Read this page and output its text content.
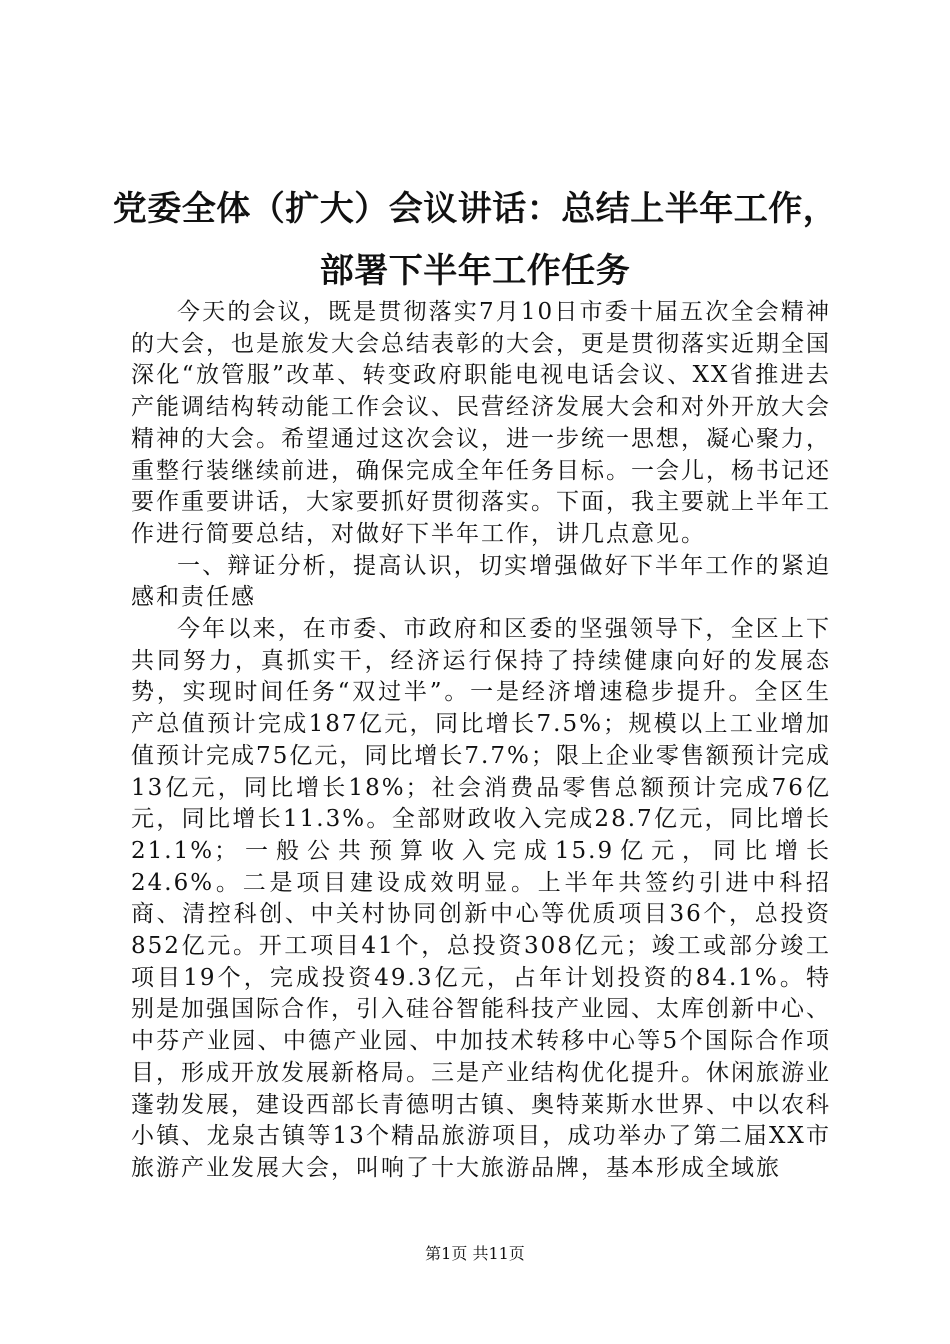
党委全体（扩大）会议讲话：总结上半年工作，
部署下半年工作任务

今天的会议，既是贯彻落实7月10日市委十届五次全会精神的大会，也是旅发大会总结表彰的大会，更是贯彻落实近期全国深化“放管服”改革、转变政府职能电视电话会议、XX省推进去产能调结构转动能工作会议、民营经济发展大会和对外开放大会精神的大会。希望通过这次会议，进一步统一思想，凝心聚力，重整行装继续前进，确保完成全年任务目标。一会儿，杨书记还要作重要讲话，大家要抓好贯彻落实。下面，我主要就上半年工作进行简要总结，对做好下半年工作，讲几点意见。

一、辩证分析，提高认识，切实增强做好下半年工作的紧迫感和责任感

今年以来，在市委、市政府和区委的坚强领导下，全区上下共同努力，真抓实干，经济运行保持了持续健康向好的发展态势，实现时间任务“双过半”。一是经济增速稳步提升。全区生产总值预计完成187亿元，同比增长7.5%；规模以上工业增加值预计完成75亿元，同比增长7.7%；限上企业零售额预计完成13亿元，同比增长18%；社会消费品零售总额预计完成76亿元，同比增长11.3%。全部财政收入完成28.7亿元，同比增长21.1%；一般公共预算收入完成15.9亿元，同比增长24.6%。二是项目建设成效明显。上半年共签约引进中科招商、清控科创、中关村协同创新中心等优质项目36个，总投资852亿元。开工项目41个，总投资308亿元；竣工或部分竣工项目19个，完成投资49.3亿元，占年计划投资的84.1%。特别是加强国际合作，引入硅谷智能科技产业园、太库创新中心、中芬产业园、中德产业园、中加技术转移中心等5个国际合作项目，形成开放发展新格局。三是产业结构优化提升。休闲旅游业蓬勃发展，建设西部长青德明古镇、奥特莱斯水世界、中以农科小镇、龙泉古镇等13个精品旅游项目，成功举办了第二届XX市旅游产业发展大会，叫响了十大旅游品牌，基本形成全域旅

第1页 共11页
